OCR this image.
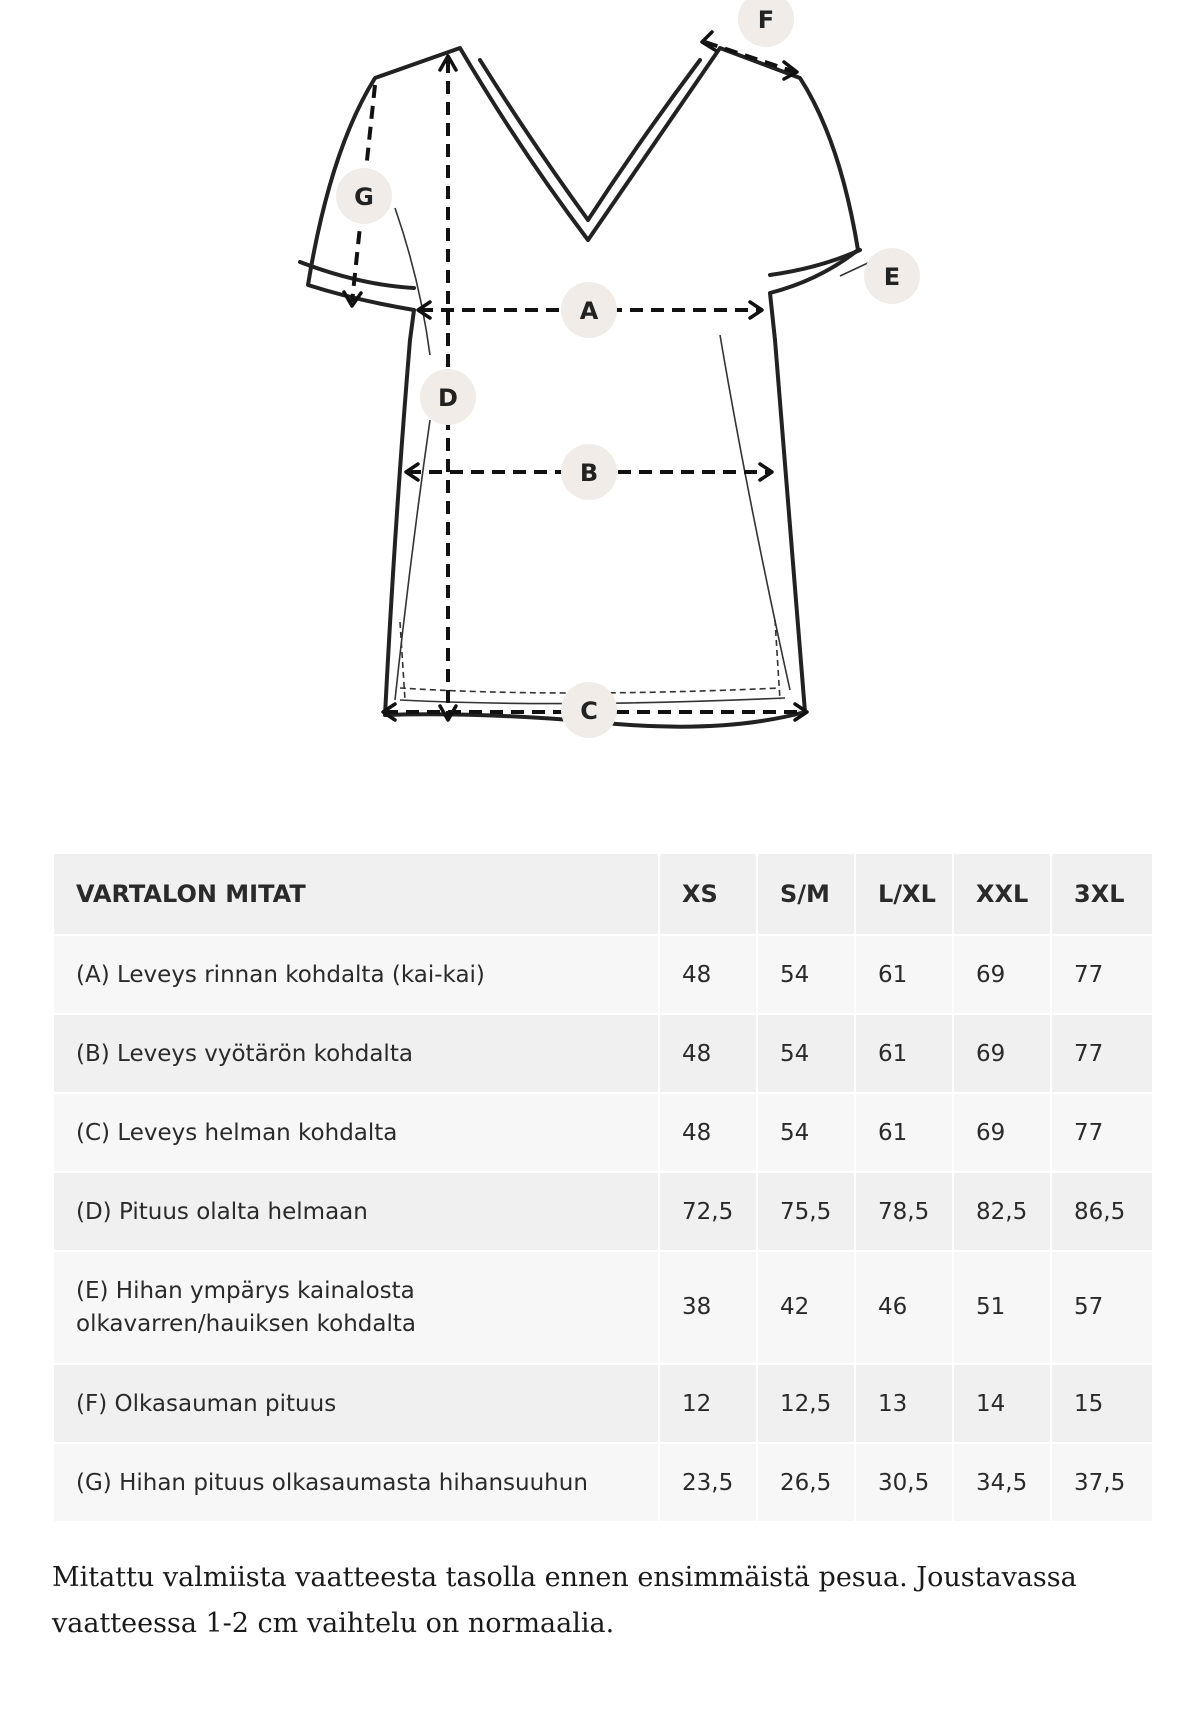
A
B
C
D
E
F
G
VARTALON MITAT	XS	S/M	L/XL	XXL	3XL
(A) Leveys rinnan kohdalta (kai-kai)	48	54	61	69	77
(B) Leveys vyötärön kohdalta	48	54	61	69	77
(C) Leveys helman kohdalta	48	54	61	69	77
(D) Pituus olalta helmaan	72,5	75,5	78,5	82,5	86,5
(E) Hihan ympärys kainalosta
olkavarren/hauiksen kohdalta	38	42	46	51	57
(F) Olkasauman pituus	12	12,5	13	14	15
(G) Hihan pituus olkasaumasta hihansuuhun	23,5	26,5	30,5	34,5	37,5

Mitattu valmiista vaatteesta tasolla ennen ensimmäistä pesua. Joustavassa vaatteessa 1-2 cm vaihtelu on normaalia.
